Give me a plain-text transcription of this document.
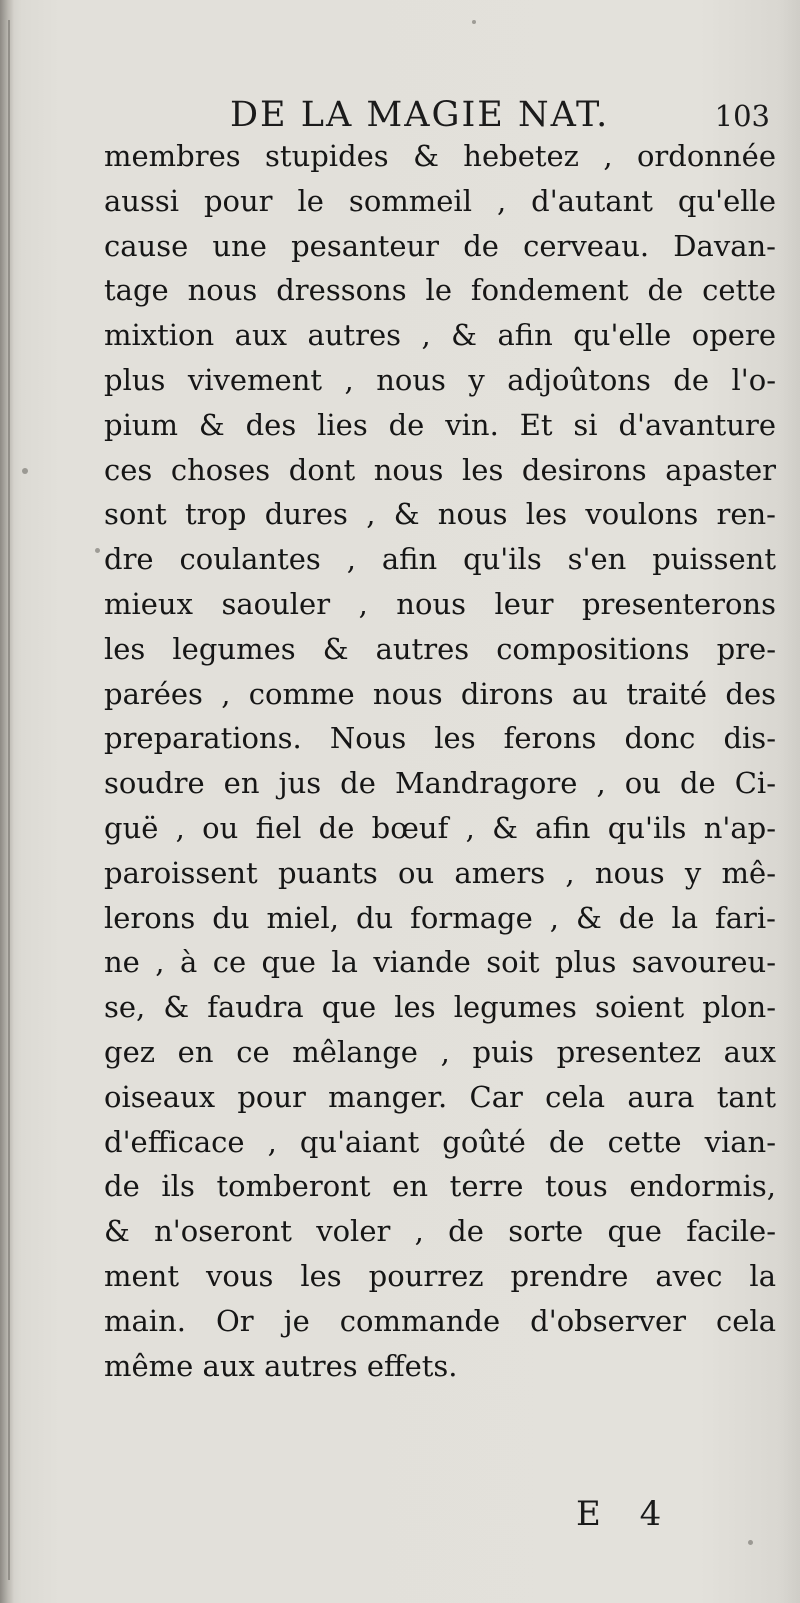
DE LA MAGIE NAT.	103
membres stupides & hebetez , ordonnée
aussi pour le sommeil , d'autant qu'elle
cause une pesanteur de cerveau. Davan-
tage nous dressons le fondement de cette
mixtion aux autres , & afin qu'elle opere
plus vivement , nous y adjoûtons de l'o-
pium & des lies de vin. Et si d'avanture
ces choses dont nous les desirons apaster
sont trop dures , & nous les voulons ren-
dre coulantes , afin qu'ils s'en puissent
mieux saouler , nous leur presenterons
les legumes & autres compositions pre-
parées , comme nous dirons au traité des
preparations. Nous les ferons donc dis-
soudre en jus de Mandragore , ou de Ci-
guë , ou fiel de bœuf , & afin qu'ils n'ap-
paroissent puants ou amers , nous y mê-
lerons du miel, du formage , & de la fari-
ne , à ce que la viande soit plus savoureu-
se, & faudra que les legumes soient plon-
gez en ce mêlange , puis presentez aux
oiseaux pour manger. Car cela aura tant
d'efficace , qu'aiant goûté de cette vian-
de ils tomberont en terre tous endormis,
& n'oseront voler , de sorte que facile-
ment vous les pourrez prendre avec la
main. Or je commande d'observer cela
même aux autres effets.
E 4
